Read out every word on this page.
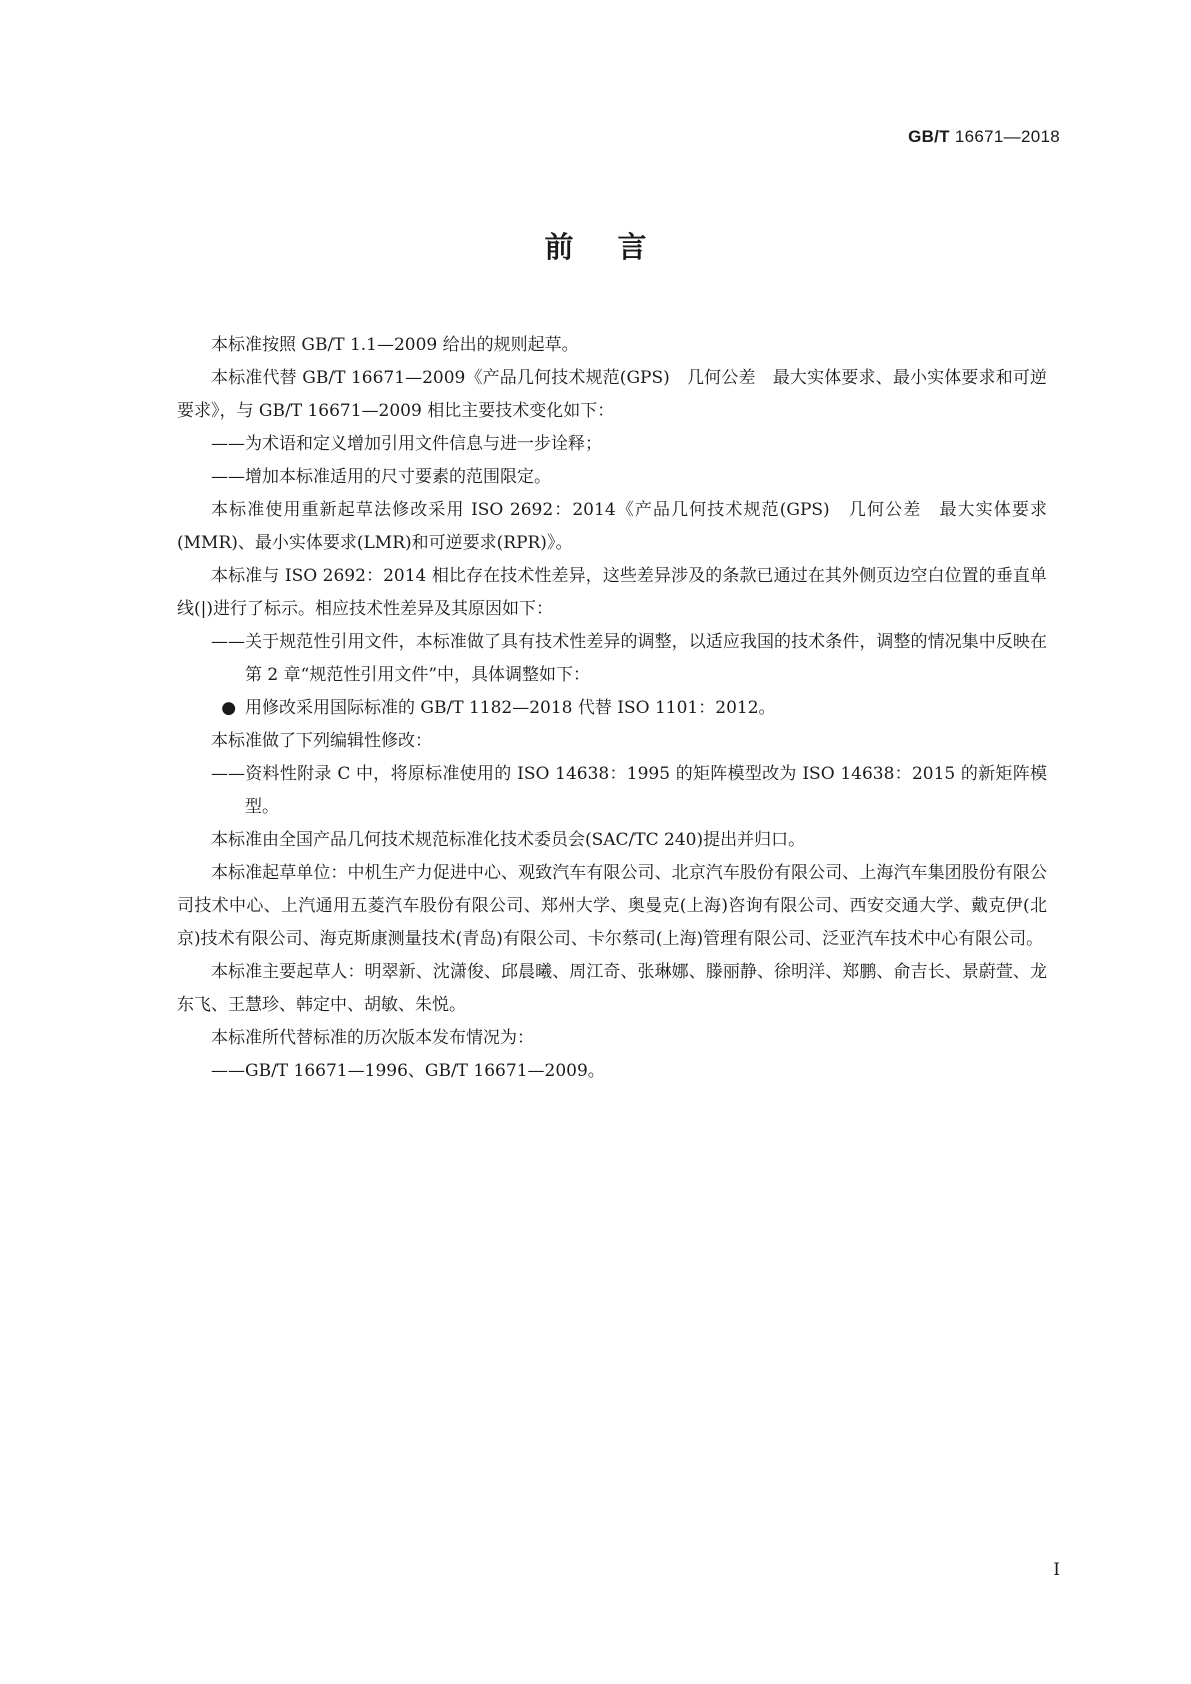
GB/T 16671—2018
前言

本标准按照 GB/T 1.1—2009 给出的规则起草。

本标准代替 GB/T 16671—2009《产品几何技术规范(GPS)　几何公差　最大实体要求、最小实体要求和可逆要求》，与 GB/T 16671—2009 相比主要技术变化如下：

——为术语和定义增加引用文件信息与进一步诠释；

——增加本标准适用的尺寸要素的范围限定。

本标准使用重新起草法修改采用 ISO 2692：2014《产品几何技术规范(GPS)　几何公差　最大实体要求(MMR)、最小实体要求(LMR)和可逆要求(RPR)》。

本标准与 ISO 2692：2014 相比存在技术性差异，这些差异涉及的条款已通过在其外侧页边空白位置的垂直单线(|)进行了标示。相应技术性差异及其原因如下：

——关于规范性引用文件，本标准做了具有技术性差异的调整，以适应我国的技术条件，调整的情况集中反映在第 2 章“规范性引用文件”中，具体调整如下：

● 用修改采用国际标准的 GB/T 1182—2018 代替 ISO 1101：2012。

本标准做了下列编辑性修改：

——资料性附录 C 中，将原标准使用的 ISO 14638：1995 的矩阵模型改为 ISO 14638：2015 的新矩阵模型。

本标准由全国产品几何技术规范标准化技术委员会(SAC/TC 240)提出并归口。

本标准起草单位：中机生产力促进中心、观致汽车有限公司、北京汽车股份有限公司、上海汽车集团股份有限公司技术中心、上汽通用五菱汽车股份有限公司、郑州大学、奥曼克(上海)咨询有限公司、西安交通大学、戴克伊(北京)技术有限公司、海克斯康测量技术(青岛)有限公司、卡尔蔡司(上海)管理有限公司、泛亚汽车技术中心有限公司。

本标准主要起草人：明翠新、沈潇俊、邱晨曦、周江奇、张琳娜、滕丽静、徐明洋、郑鹏、俞吉长、景蔚萱、龙东飞、王慧珍、韩定中、胡敏、朱悦。

本标准所代替标准的历次版本发布情况为：

——GB/T 16671—1996、GB/T 16671—2009。

I
